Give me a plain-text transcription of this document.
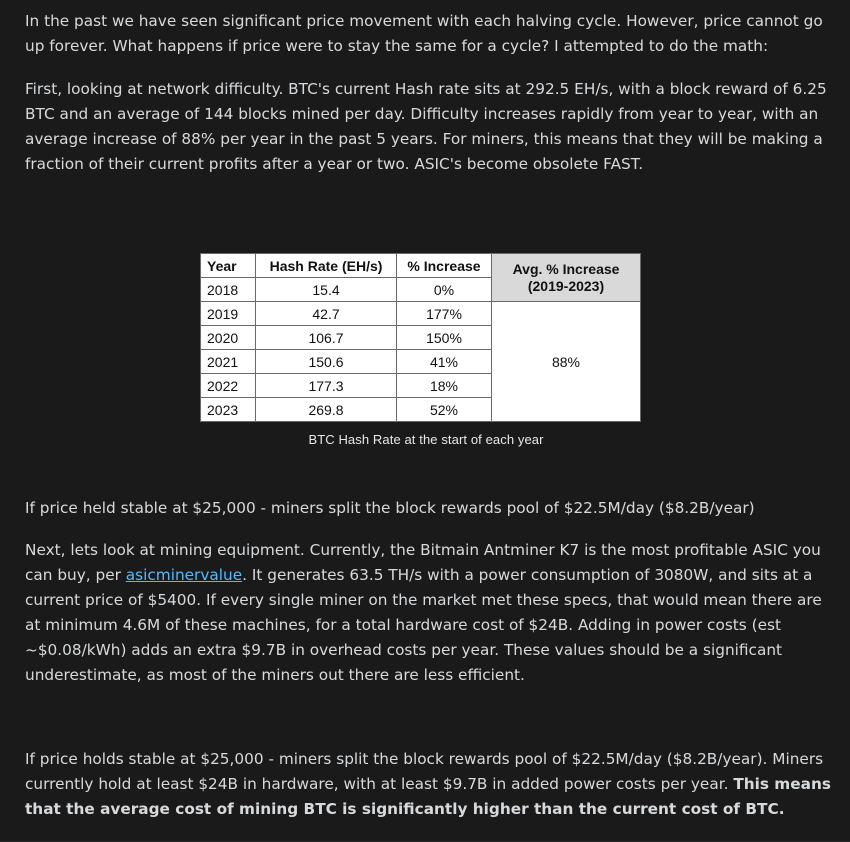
In the past we have seen significant price movement with each halving cycle. However, price cannot go up forever. What happens if price were to stay the same for a cycle? I attempted to do the math:

First, looking at network difficulty. BTC's current Hash rate sits at 292.5 EH/s, with a block reward of 6.25 BTC and an average of 144 blocks mined per day. Difficulty increases rapidly from year to year, with an average increase of 88% per year in the past 5 years. For miners, this means that they will be making a fraction of their current profits after a year or two. ASIC's become obsolete FAST.

Year	Hash Rate (EH/s)	% Increase	Avg. % Increase
(2019-2023)
2018	15.4	0%	
2019	42.7	177%	88%
2020	106.7	150%	
2021	150.6	41%	
2022	177.3	18%	
2023	269.8	52%	
BTC Hash Rate at the start of each year

If price held stable at $25,000 - miners split the block rewards pool of $22.5M/day ($8.2B/year)

Next, lets look at mining equipment. Currently, the Bitmain Antminer K7 is the most profitable ASIC you can buy, per asicminervalue. It generates 63.5 TH/s with a power consumption of 3080W, and sits at a current price of $5400. If every single miner on the market met these specs, that would mean there are at minimum 4.6M of these machines, for a total hardware cost of $24B. Adding in power costs (est ~$0.08/kWh) adds an extra $9.7B in overhead costs per year. These values should be a significant underestimate, as most of the miners out there are less efficient.

If price holds stable at $25,000 - miners split the block rewards pool of $22.5M/day ($8.2B/year). Miners currently hold at least $24B in hardware, with at least $9.7B in added power costs per year. This means that the average cost of mining BTC is significantly higher than the current cost of BTC.
